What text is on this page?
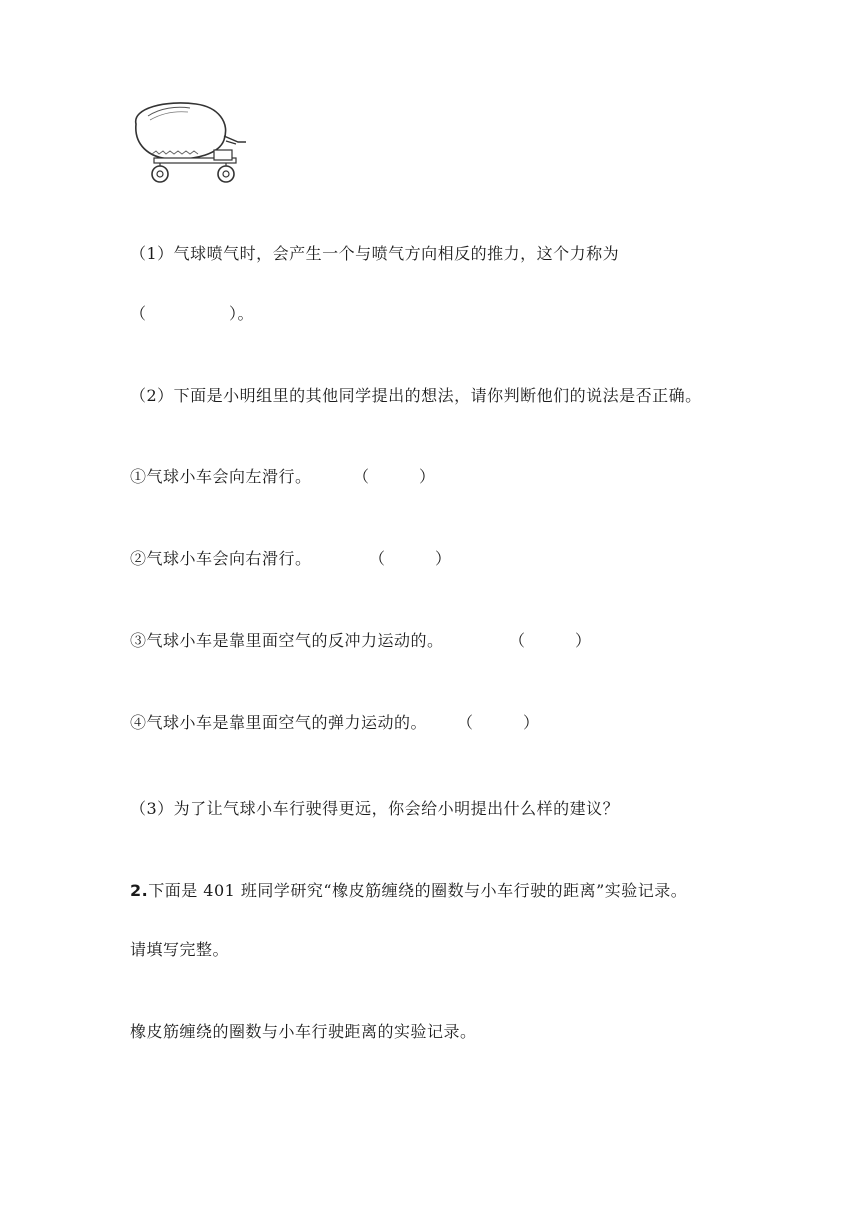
（1）气球喷气时，会产生一个与喷气方向相反的推力，这个力称为
（　　　　　）。
（2）下面是小明组里的其他同学提出的想法，请你判断他们的说法是否正确。
①气球小车会向左滑行。	（　　　）
②气球小车会向右滑行。	（　　　）
③气球小车是靠里面空气的反冲力运动的。	（　　　）
④气球小车是靠里面空气的弹力运动的。 （　　　）
（3）为了让气球小车行驶得更远，你会给小明提出什么样的建议？
2.下面是 401 班同学研究“橡皮筋缠绕的圈数与小车行驶的距离”实验记录。
请填写完整。
橡皮筋缠绕的圈数与小车行驶距离的实验记录。
